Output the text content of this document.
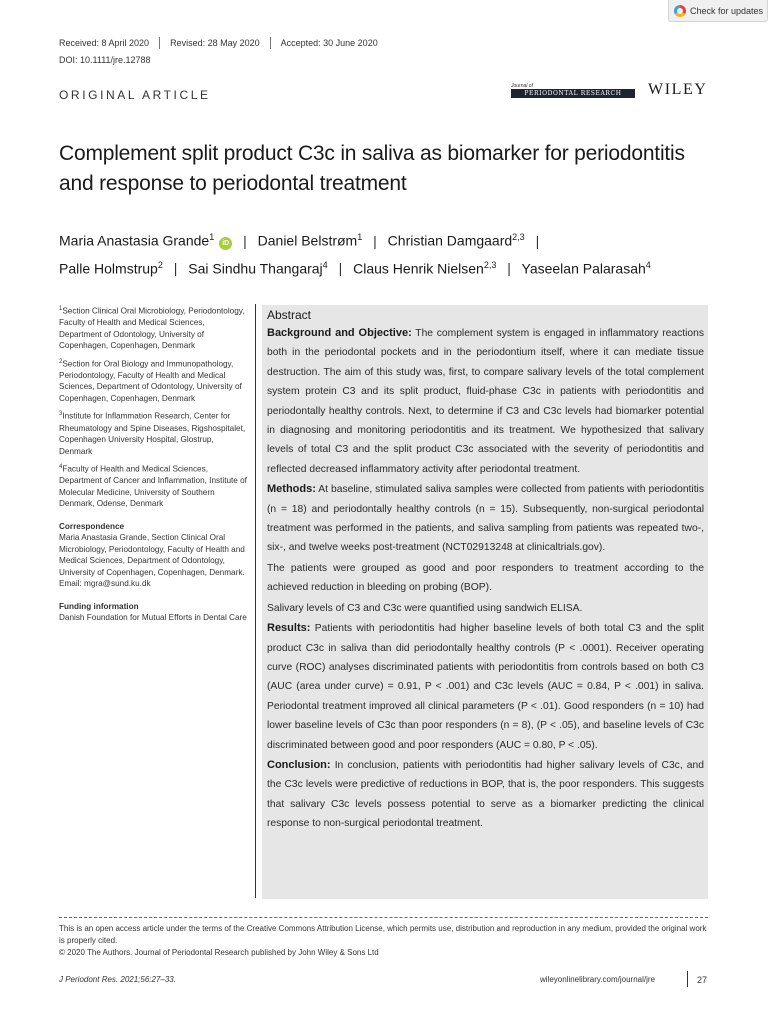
Check for updates
Received: 8 April 2020 Revised: 28 May 2020 Accepted: 30 June 2020
DOI: 10.1111/jre.12788
ORIGINAL ARTICLE
Journal of
PERIODONTAL RESEARCH	WILEY
Complement split product C3c in saliva as biomarker for periodontitis and response to periodontal treatment
Maria Anastasia Grande$^1$iD | Daniel Belstrøm$^1$ | Christian Damgaard$^{2,3}$ |
Palle Holmstrup$^2$ | Sai Sindhu Thangaraj$^4$ | Claus Henrik Nielsen$^{2,3}$ | Yaseelan Palarasah$^4$
$^1$Section Clinical Oral Microbiology, Periodontology, Faculty of Health and Medical Sciences, Department of Odontology, University of Copenhagen, Copenhagen, Denmark
$^2$Section for Oral Biology and Immunopathology, Periodontology, Faculty of Health and Medical Sciences, Department of Odontology, University of Copenhagen, Copenhagen, Denmark
$^3$Institute for Inflammation Research, Center for Rheumatology and Spine Diseases, Rigshospitalet, Copenhagen University Hospital, Glostrup, Denmark
$^4$Faculty of Health and Medical Sciences, Department of Cancer and Inflammation, Institute of Molecular Medicine, University of Southern Denmark, Odense, Denmark
Correspondence
Maria Anastasia Grande, Section Clinical Oral Microbiology, Periodontology, Faculty of Health and Medical Sciences, Department of Odontology, University of Copenhagen, Copenhagen, Denmark.
Email: mgra@sund.ku.dk
Funding information
Danish Foundation for Mutual Efforts in Dental Care
Abstract

Background and Objective: The complement system is engaged in inflammatory reactions both in the periodontal pockets and in the periodontium itself, where it can mediate tissue destruction. The aim of this study was, first, to compare salivary levels of the total complement system protein C3 and its split product, fluid-phase C3c in patients with periodontitis and periodontally healthy controls. Next, to determine if C3 and C3c levels had biomarker potential in diagnosing and monitoring periodontitis and its treatment. We hypothesized that salivary levels of total C3 and the split product C3c associated with the severity of periodontitis and reflected decreased inflammatory activity after periodontal treatment.

Methods: At baseline, stimulated saliva samples were collected from patients with periodontitis (n = 18) and periodontally healthy controls (n = 15). Subsequently, non-surgical periodontal treatment was performed in the patients, and saliva sampling from patients was repeated two-, six-, and twelve weeks post-treatment (NCT02913248 at clinicaltrials.gov).

The patients were grouped as good and poor responders to treatment according to the achieved reduction in bleeding on probing (BOP).

Salivary levels of C3 and C3c were quantified using sandwich ELISA.

Results: Patients with periodontitis had higher baseline levels of both total C3 and the split product C3c in saliva than did periodontally healthy controls (P < .0001). Receiver operating curve (ROC) analyses discriminated patients with periodontitis from controls based on both C3 (AUC (area under curve) = 0.91, P < .001) and C3c levels (AUC = 0.84, P < .001) in saliva. Periodontal treatment improved all clinical parameters (P < .01). Good responders (n = 10) had lower baseline levels of C3c than poor responders (n = 8), (P < .05), and baseline levels of C3c discriminated between good and poor responders (AUC = 0.80, P < .05).

Conclusion: In conclusion, patients with periodontitis had higher salivary levels of C3c, and the C3c levels were predictive of reductions in BOP, that is, the poor responders. This suggests that salivary C3c levels possess potential to serve as a biomarker predicting the clinical response to non-surgical periodontal treatment.

This is an open access article under the terms of the Creative Commons Attribution License, which permits use, distribution and reproduction in any medium, provided the original work is properly cited.
© 2020 The Authors. Journal of Periodontal Research published by John Wiley & Sons Ltd
J Periodont Res. 2021;56:27–33.	wileyonlinelibrary.com/journal/jre	27
